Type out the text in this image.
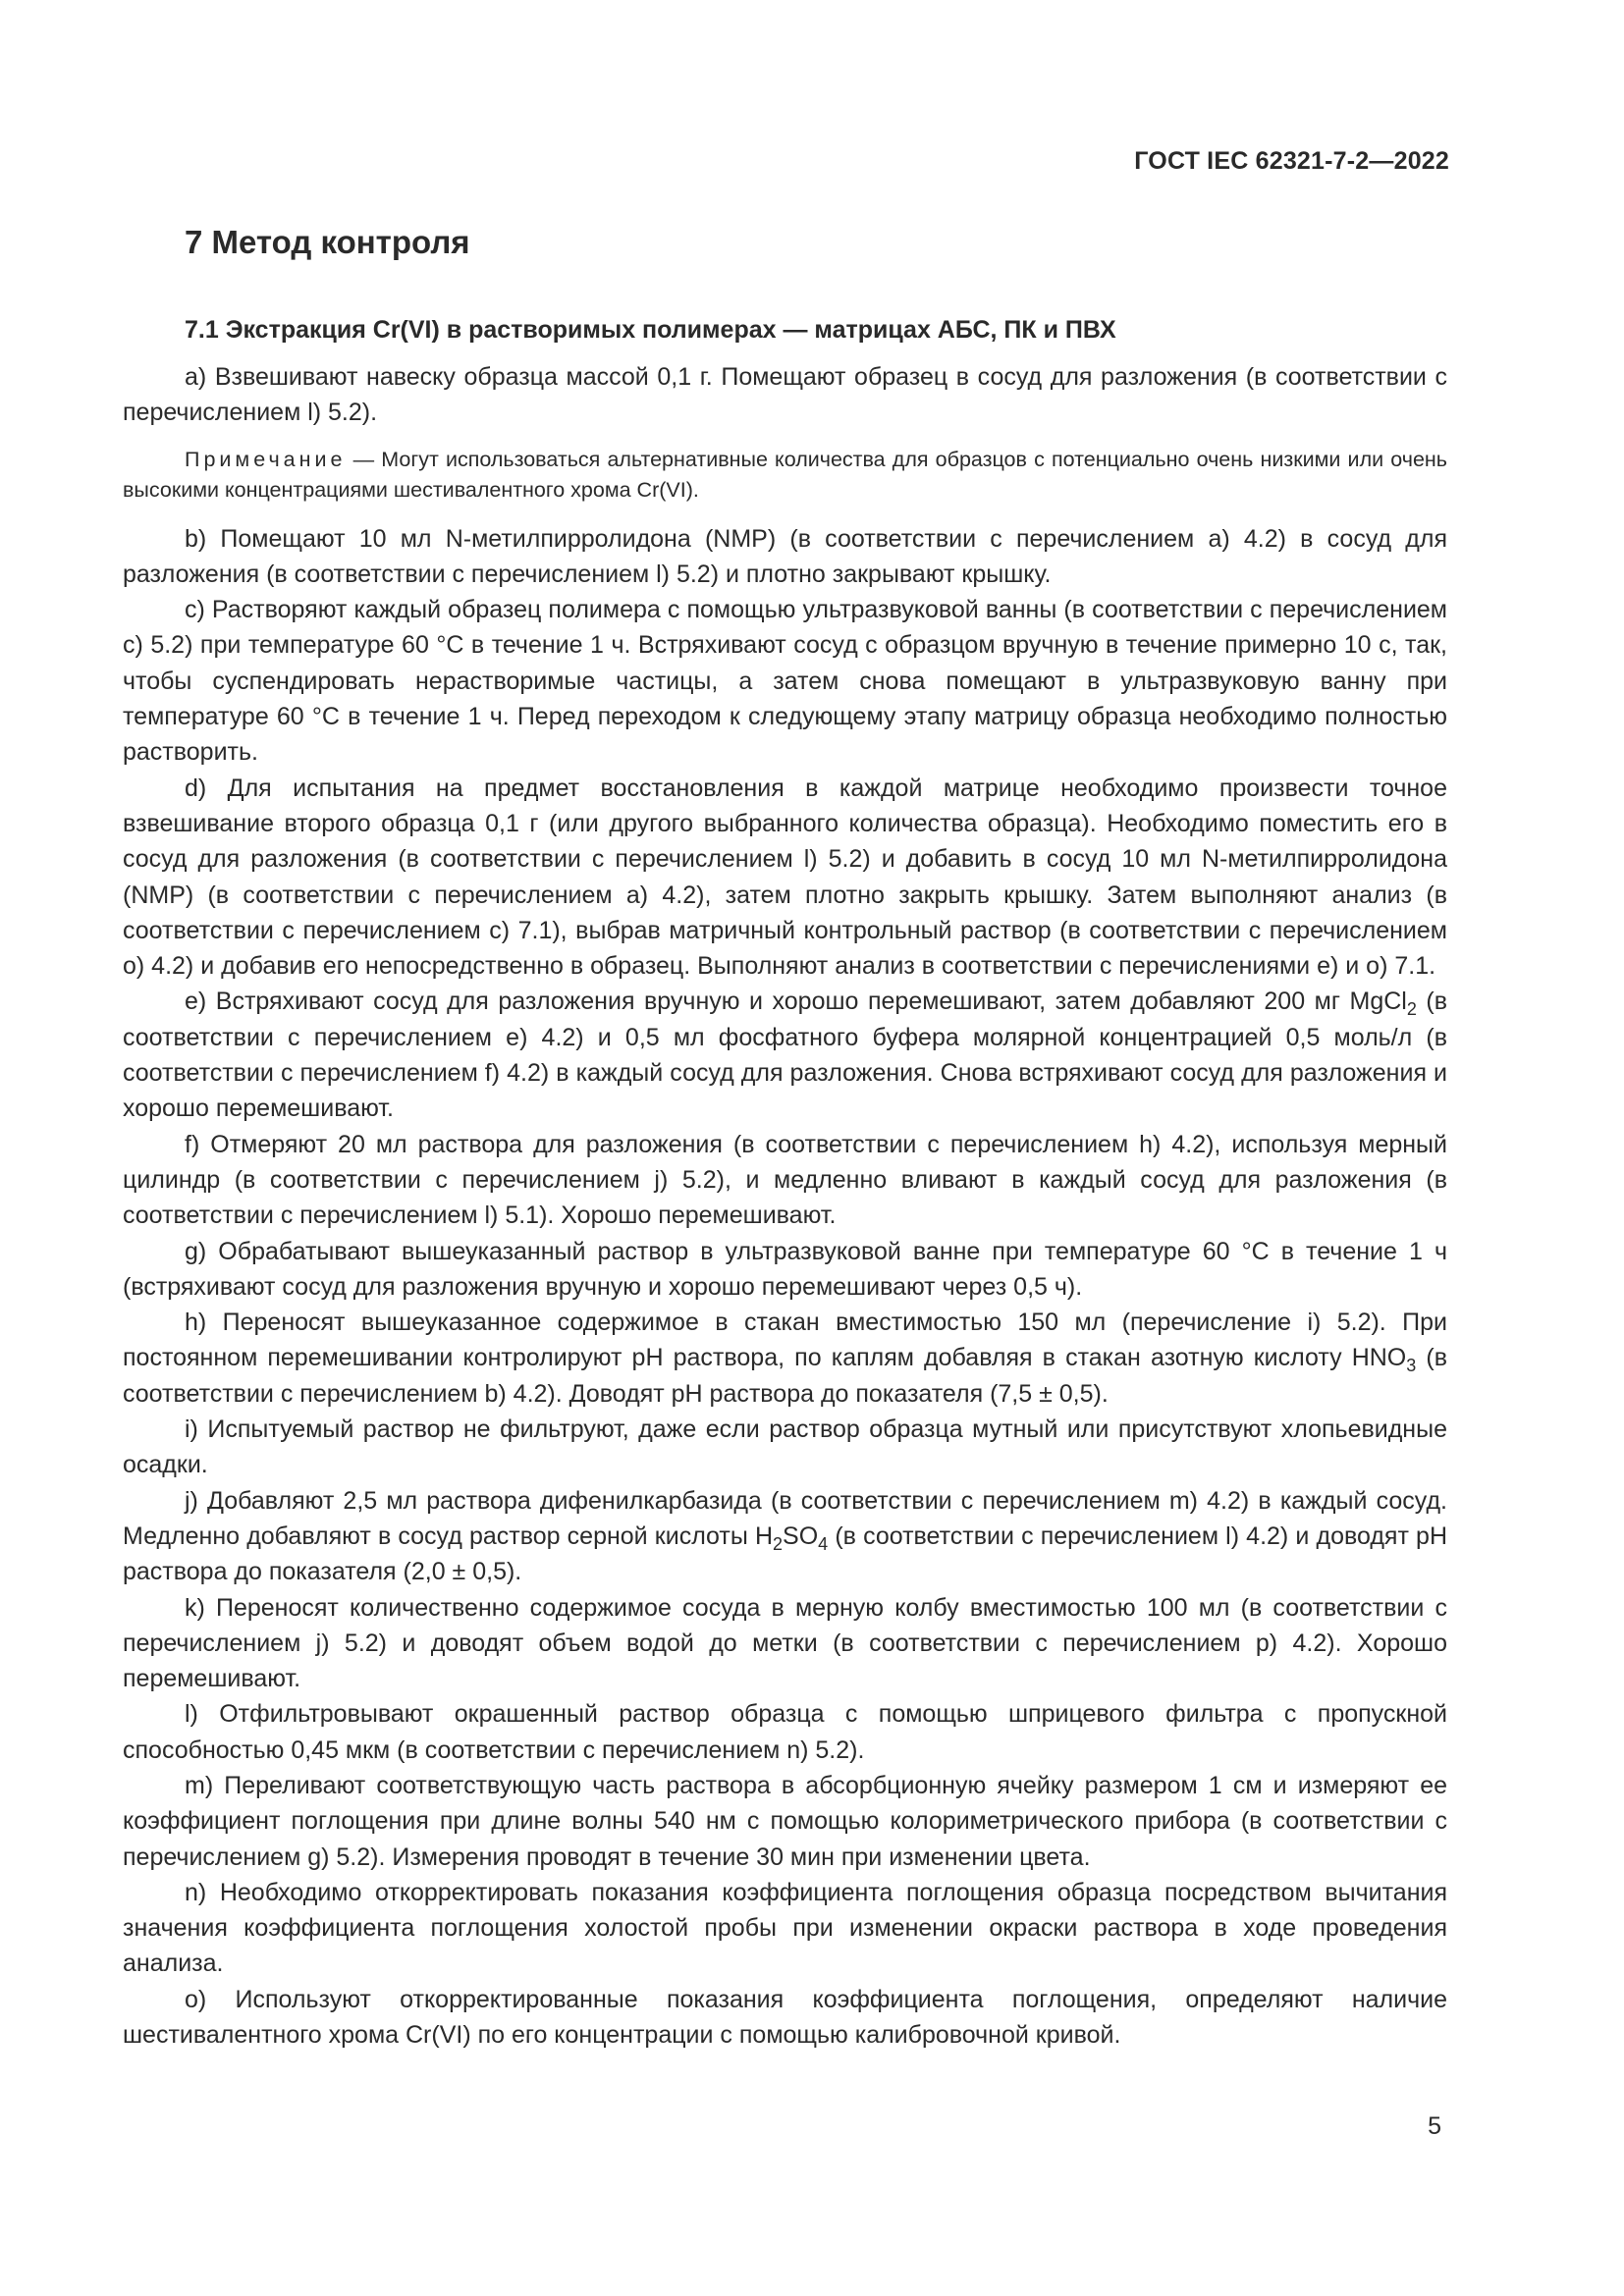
ГОСТ IEC 62321-7-2—2022
7 Метод контроля
7.1 Экстракция Cr(VI) в растворимых полимерах — матрицах АБС, ПК и ПВХ

a) Взвешивают навеску образца массой 0,1 г. Помещают образец в сосуд для разложения (в соответствии с перечислением l) 5.2).

Примечание — Могут использоваться альтернативные количества для образцов с потенциально очень низкими или очень высокими концентрациями шестивалентного хрома Cr(VI).

b) Помещают 10 мл N-метилпирролидона (NMP) (в соответствии с перечислением a) 4.2) в сосуд для разложения (в соответствии с перечислением l) 5.2) и плотно закрывают крышку.

c) Растворяют каждый образец полимера с помощью ультразвуковой ванны (в соответствии с перечислением c) 5.2) при температуре 60 °C в течение 1 ч. Встряхивают сосуд с образцом вручную в течение примерно 10 с, так, чтобы суспендировать нерастворимые частицы, а затем снова помещают в ультразвуковую ванну при температуре 60 °C в течение 1 ч. Перед переходом к следующему этапу матрицу образца необходимо полностью растворить.

d) Для испытания на предмет восстановления в каждой матрице необходимо произвести точное взвешивание второго образца 0,1 г (или другого выбранного количества образца). Необходимо поместить его в сосуд для разложения (в соответствии с перечислением l) 5.2) и добавить в сосуд 10 мл N-метилпирролидона (NMP) (в соответствии с перечислением a) 4.2), затем плотно закрыть крышку. Затем выполняют анализ (в соответствии с перечислением c) 7.1), выбрав матричный контрольный раствор (в соответствии с перечислением o) 4.2) и добавив его непосредственно в образец. Выполняют анализ в соответствии с перечислениями e) и o) 7.1.

e) Встряхивают сосуд для разложения вручную и хорошо перемешивают, затем добавляют 200 мг MgCl$_2$ (в соответствии с перечислением e) 4.2) и 0,5 мл фосфатного буфера молярной концентрацией 0,5 моль/л (в соответствии с перечислением f) 4.2) в каждый сосуд для разложения. Снова встряхивают сосуд для разложения и хорошо перемешивают.

f) Отмеряют 20 мл раствора для разложения (в соответствии с перечислением h) 4.2), используя мерный цилиндр (в соответствии с перечислением j) 5.2), и медленно вливают в каждый сосуд для разложения (в соответствии с перечислением l) 5.1). Хорошо перемешивают.

g) Обрабатывают вышеуказанный раствор в ультразвуковой ванне при температуре 60 °C в течение 1 ч (встряхивают сосуд для разложения вручную и хорошо перемешивают через 0,5 ч).

h) Переносят вышеуказанное содержимое в стакан вместимостью 150 мл (перечисление i) 5.2). При постоянном перемешивании контролируют pH раствора, по каплям добавляя в стакан азотную кислоту $HNO_3$ (в соответствии с перечислением b) 4.2). Доводят pH раствора до показателя (7,5 ± 0,5).

i) Испытуемый раствор не фильтруют, даже если раствор образца мутный или присутствуют хлопьевидные осадки.

j) Добавляют 2,5 мл раствора дифенилкарбазида (в соответствии с перечислением m) 4.2) в каждый сосуд. Медленно добавляют в сосуд раствор серной кислоты $H_2SO_4$ (в соответствии с перечислением l) 4.2) и доводят pH раствора до показателя (2,0 ± 0,5).

k) Переносят количественно содержимое сосуда в мерную колбу вместимостью 100 мл (в соответствии с перечислением j) 5.2) и доводят объем водой до метки (в соответствии с перечислением p) 4.2). Хорошо перемешивают.

l) Отфильтровывают окрашенный раствор образца с помощью шприцевого фильтра с пропускной способностью 0,45 мкм (в соответствии с перечислением n) 5.2).

m) Переливают соответствующую часть раствора в абсорбционную ячейку размером 1 см и измеряют ее коэффициент поглощения при длине волны 540 нм с помощью колориметрического прибора (в соответствии с перечислением g) 5.2). Измерения проводят в течение 30 мин при изменении цвета.

n) Необходимо откорректировать показания коэффициента поглощения образца посредством вычитания значения коэффициента поглощения холостой пробы при изменении окраски раствора в ходе проведения анализа.

o) Используют откорректированные показания коэффициента поглощения, определяют наличие шестивалентного хрома Cr(VI) по его концентрации с помощью калибровочной кривой.

5
